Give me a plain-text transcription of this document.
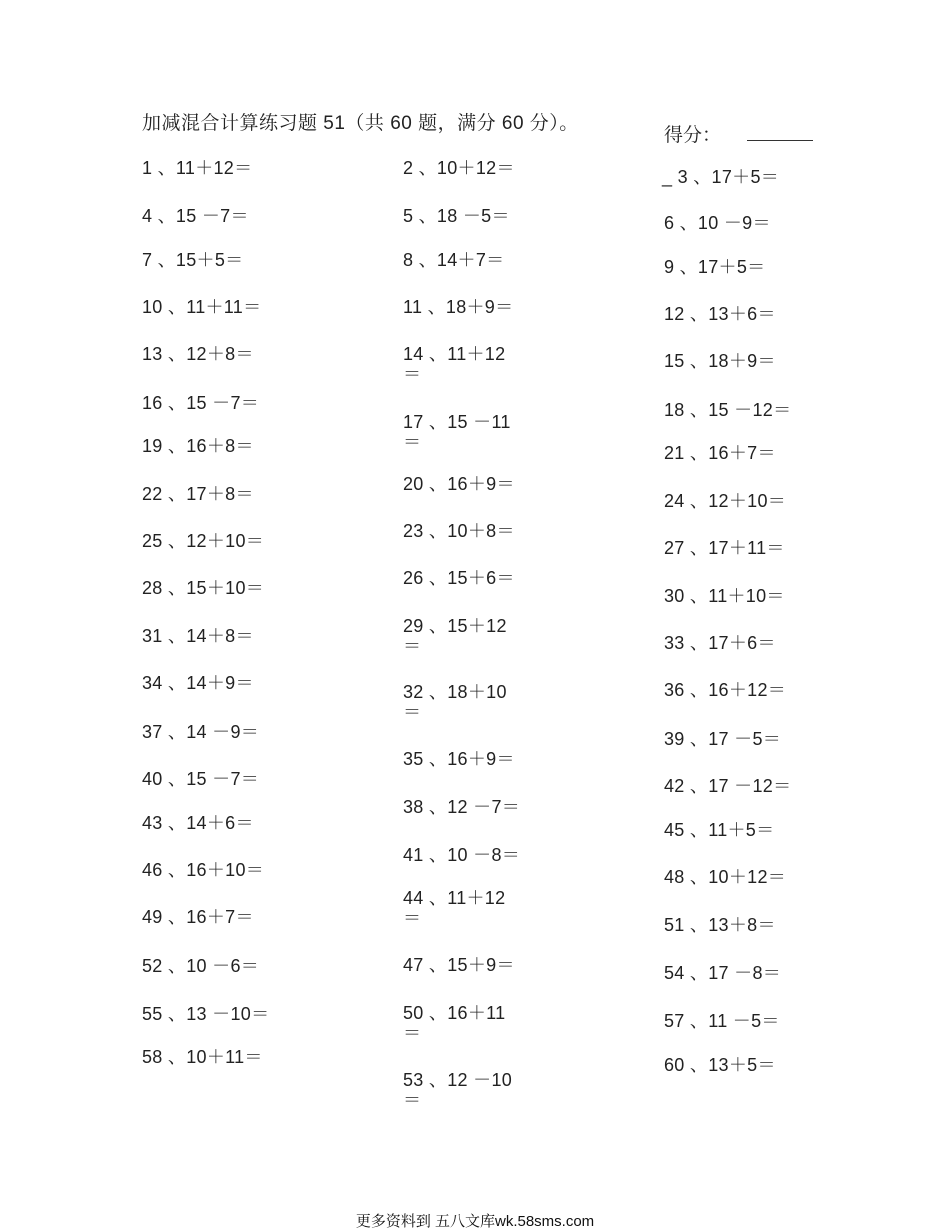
加减混合计算练习题 51（共 60 题，满分 60 分）。
得分：
1 、11＋12＝
4 、15 －7＝
7 、15＋5＝
10 、11＋11＝
13 、12＋8＝
16 、15 －7＝
19 、16＋8＝
22 、17＋8＝
25 、12＋10＝
28 、15＋10＝
31 、14＋8＝
34 、14＋9＝
37 、14 －9＝
40 、15 －7＝
43 、14＋6＝
46 、16＋10＝
49 、16＋7＝
52 、10 －6＝
55 、13 －10＝
58 、10＋11＝
2 、10＋12＝
5 、18 －5＝
8 、14＋7＝
11 、18＋9＝
14 、11＋12 ＝
17 、15 －11 ＝
20 、16＋9＝
23 、10＋8＝
26 、15＋6＝
29 、15＋12 ＝
32 、18＋10 ＝
35 、16＋9＝
38 、12 －7＝
41 、10 －8＝
44 、11＋12 ＝
47 、15＋9＝
50 、16＋11 ＝
53 、12 －10 ＝
_ 3 、17＋5＝
6 、10 －9＝
9 、17＋5＝
12 、13＋6＝
15 、18＋9＝
18 、15 －12＝
21 、16＋7＝
24 、12＋10＝
27 、17＋11＝
30 、11＋10＝
33 、17＋6＝
36 、16＋12＝
39 、17 －5＝
42 、17 －12＝
45 、11＋5＝
48 、10＋12＝
51 、13＋8＝
54 、17 －8＝
57 、11 －5＝
60 、13＋5＝
更多资料到 五八文库wk.58sms.com
